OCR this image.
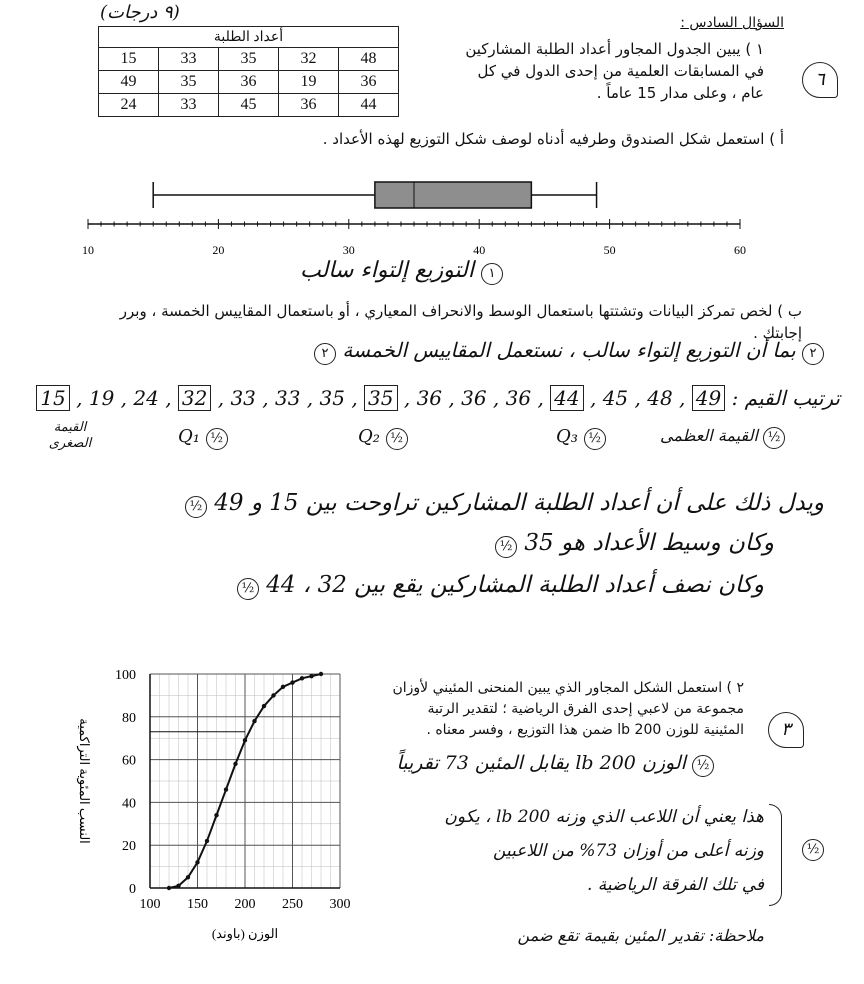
(٩ درجات)	السؤال السادس :
أعداد الطلبة				
15	33	35	32	48
49	35	36	19	36
24	33	45	36	44
١ ) يبين الجدول المجاور أعداد الطلبة المشاركين في المسابقات العلمية من إحدى الدول في كل عام ، وعلى مدار 15 عاماً .
٦
أ ) استعمل شكل الصندوق وطرفيه أدناه لوصف شكل التوزيع لهذه الأعداد .
10	20	30	40	50	60
١ التوزيع إلتواء سالب
ب ) لخص تمركز البيانات وتشتتها باستعمال الوسط والانحراف المعياري ، أو باستعمال المقاييس الخمسة ، وبرر إجابتك .
٢ بما أن التوزيع إلتواء سالب ، نستعمل المقاييس الخمسة ٢
ترتيب القيم : 15 , 19 , 24 , 32 , 33 , 33 , 35 , 35 , 36 , 36 , 36 , 44 , 45 , 48 , 49
القيمة الصغرى	½ Q₁	½ Q₂	½ Q₃	½ القيمة العظمى
ويدل ذلك على أن أعداد الطلبة المشاركين تراوحت بين 15 و 49 ½
وكان وسيط الأعداد هو 35 ½
وكان نصف أعداد الطلبة المشاركين يقع بين 32 ، 44 ½
100 150 200 250 300
0
20
40
60
80
100
الوزن (باوند)
النسب المئوية التراكمية
٢ ) استعمل الشكل المجاور الذي يبين المنحنى المئيني لأوزان مجموعة من لاعبي إحدى الفرق الرياضية ؛ لتقدير الرتبة المئينية للوزن 200 lb ضمن هذا التوزيع ، وفسر معناه .	٣
½ الوزن 200 lb يقابل المئين 73 تقريباً
هذا يعني أن اللاعب الذي وزنه 200 lb ، يكون
وزنه أعلى من أوزان 73% من اللاعبين
في تلك الفرقة الرياضية .
½
ملاحظة: تقدير المئين بقيمة تقع ضمن
